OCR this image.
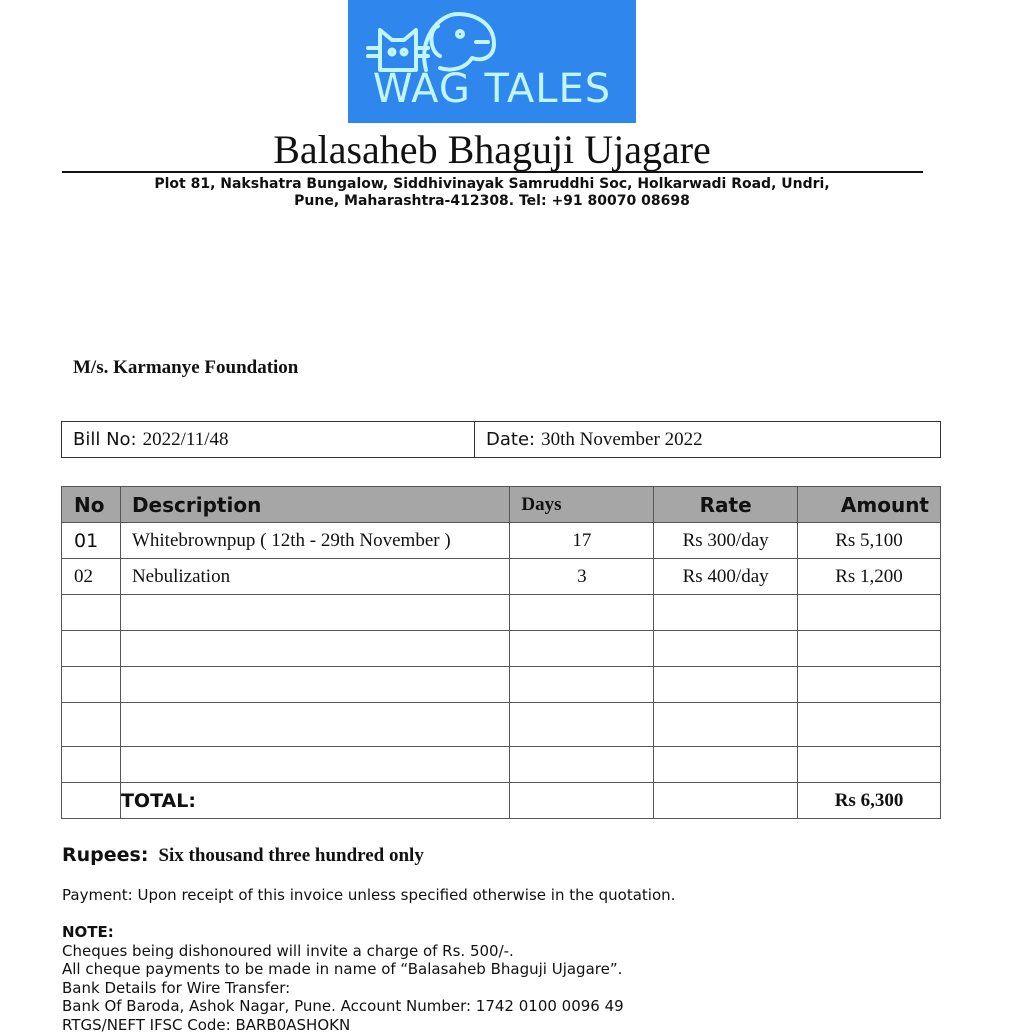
WAG TALES
Balasaheb Bhaguji Ujagare
Plot 81, Nakshatra Bungalow, Siddhivinayak Samruddhi Soc, Holkarwadi Road, Undri,
Pune, Maharashtra-412308. Tel: +91 80070 08698
M/s. Karmanye Foundation
Bill No: 2022/11/48	Date: 30th November 2022
No	Description	Days	Rate	Amount
01	Whitebrownpup ( 12th - 29th November )	17	Rs 300/day	Rs 5,100
02	Nebulization	3	Rs 400/day	Rs 1,200

	TOTAL:			Rs 6,300
Rupees: Six thousand three hundred only
Payment: Upon receipt of this invoice unless specified otherwise in the quotation.
NOTE:
Cheques being dishonoured will invite a charge of Rs. 500/-.
All cheque payments to be made in name of “Balasaheb Bhaguji Ujagare”.
Bank Details for Wire Transfer:
Bank Of Baroda, Ashok Nagar, Pune. Account Number: 1742 0100 0096 49
RTGS/NEFT IFSC Code: BARB0ASHOKN
